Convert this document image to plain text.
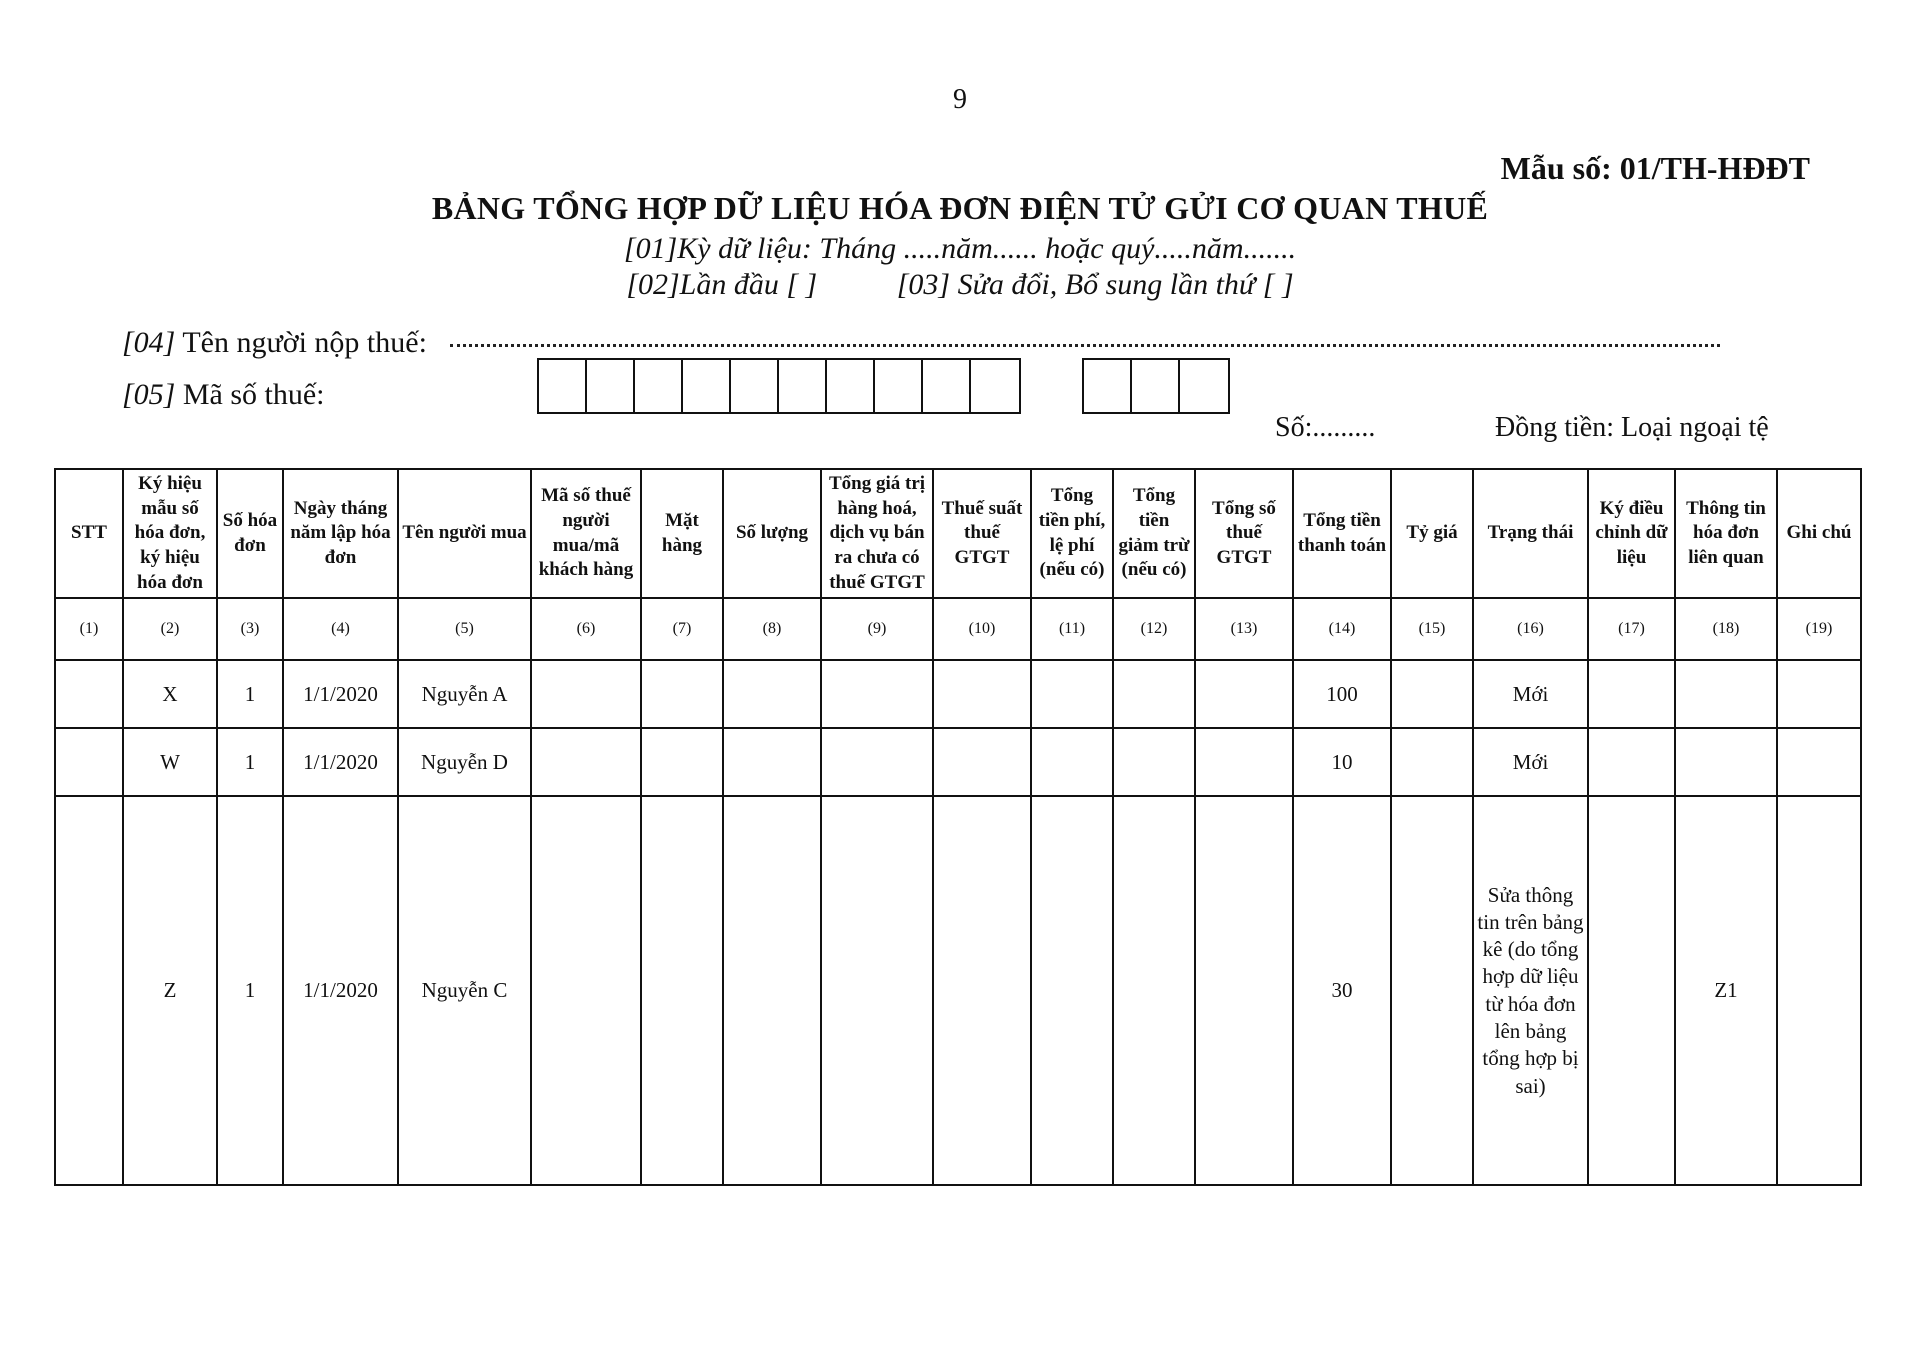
9
Mẫu số: 01/TH-HĐĐT
BẢNG TỔNG HỢP DỮ LIỆU HÓA ĐƠN ĐIỆN TỬ GỬI CƠ QUAN THUẾ
[01]Kỳ dữ liệu: Tháng .....năm...... hoặc quý.....năm.......
[02]Lần đầu [ ]	[03] Sửa đổi, Bổ sung lần thứ [ ]
[04] Tên người nộp thuế:
[05] Mã số thuế:
Số:.........	Đồng tiền: Loại ngoại tệ
STT	Ký hiệu mẫu số hóa đơn, ký hiệu hóa đơn	Số hóa đơn	Ngày tháng năm lập hóa đơn	Tên người mua	Mã số thuế người mua/mã khách hàng	Mặt hàng	Số lượng	Tổng giá trị hàng hoá, dịch vụ bán ra chưa có thuế GTGT	Thuế suất thuế GTGT	Tổng tiền phí, lệ phí (nếu có)	Tổng tiền giảm trừ (nếu có)	Tổng số thuế GTGT	Tổng tiền thanh toán	Tỷ giá	Trạng thái	Ký điều chỉnh dữ liệu	Thông tin hóa đơn liên quan	Ghi chú
(1)	(2)	(3)	(4)	(5)	(6)	(7)	(8)	(9)	(10)	(11)	(12)	(13)	(14)	(15)	(16)	(17)	(18)	(19)
	X	1	1/1/2020	Nguyễn A									100		Mới			
	W	1	1/1/2020	Nguyễn D									10		Mới			
	Z	1	1/1/2020	Nguyễn C									30		Sửa thông tin trên bảng kê (do tổng hợp dữ liệu từ hóa đơn lên bảng tổng hợp bị sai)		Z1	
